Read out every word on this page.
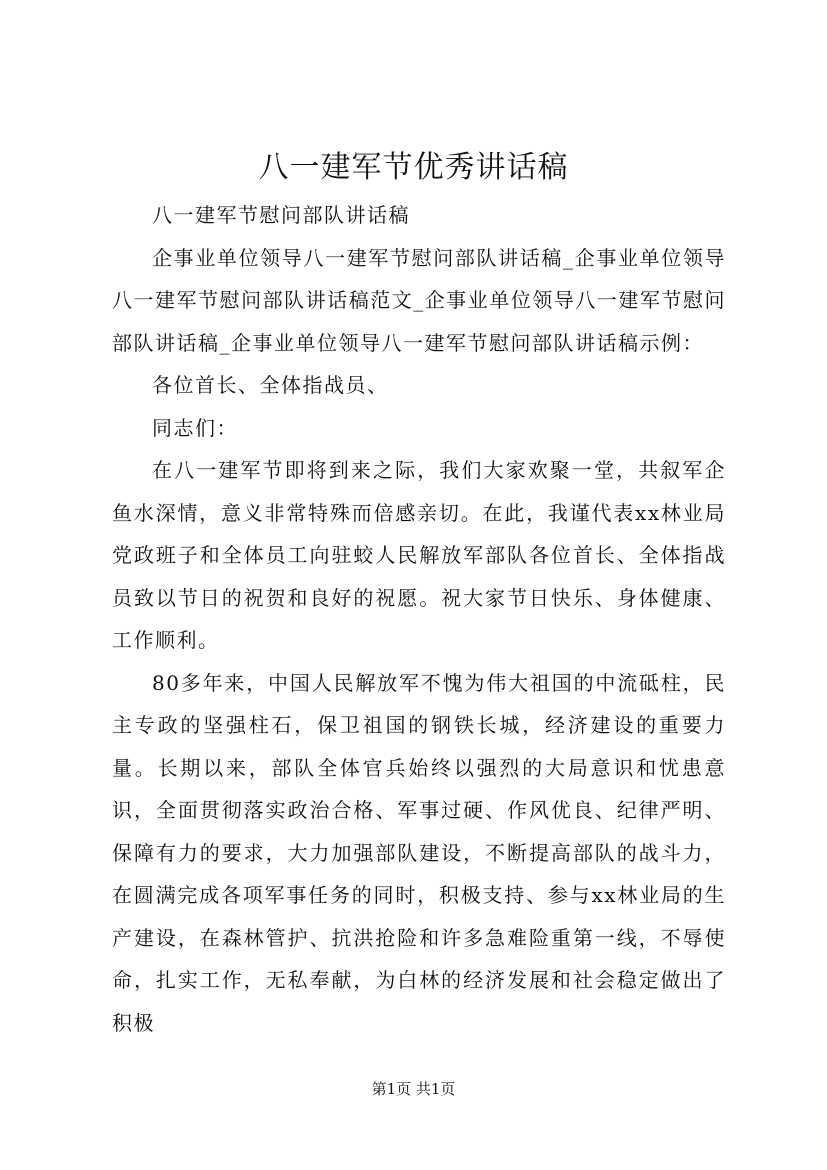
八一建军节优秀讲话稿

八一建军节慰问部队讲话稿

企事业单位领导八一建军节慰问部队讲话稿_企事业单位领导八一建军节慰问部队讲话稿范文_企事业单位领导八一建军节慰问部队讲话稿_企事业单位领导八一建军节慰问部队讲话稿示例：

各位首长、全体指战员、

同志们：

在八一建军节即将到来之际，我们大家欢聚一堂，共叙军企鱼水深情，意义非常特殊而倍感亲切。在此，我谨代表xx林业局党政班子和全体员工向驻蛟人民解放军部队各位首长、全体指战员致以节日的祝贺和良好的祝愿。祝大家节日快乐、身体健康、工作顺利。

80多年来，中国人民解放军不愧为伟大祖国的中流砥柱，民主专政的坚强柱石，保卫祖国的钢铁长城，经济建设的重要力量。长期以来，部队全体官兵始终以强烈的大局意识和忧患意识，全面贯彻落实政治合格、军事过硬、作风优良、纪律严明、保障有力的要求，大力加强部队建设，不断提高部队的战斗力，在圆满完成各项军事任务的同时，积极支持、参与xx林业局的生产建设，在森林管护、抗洪抢险和许多急难险重第一线，不辱使命，扎实工作，无私奉献，为白林的经济发展和社会稳定做出了积极

第1页 共1页
